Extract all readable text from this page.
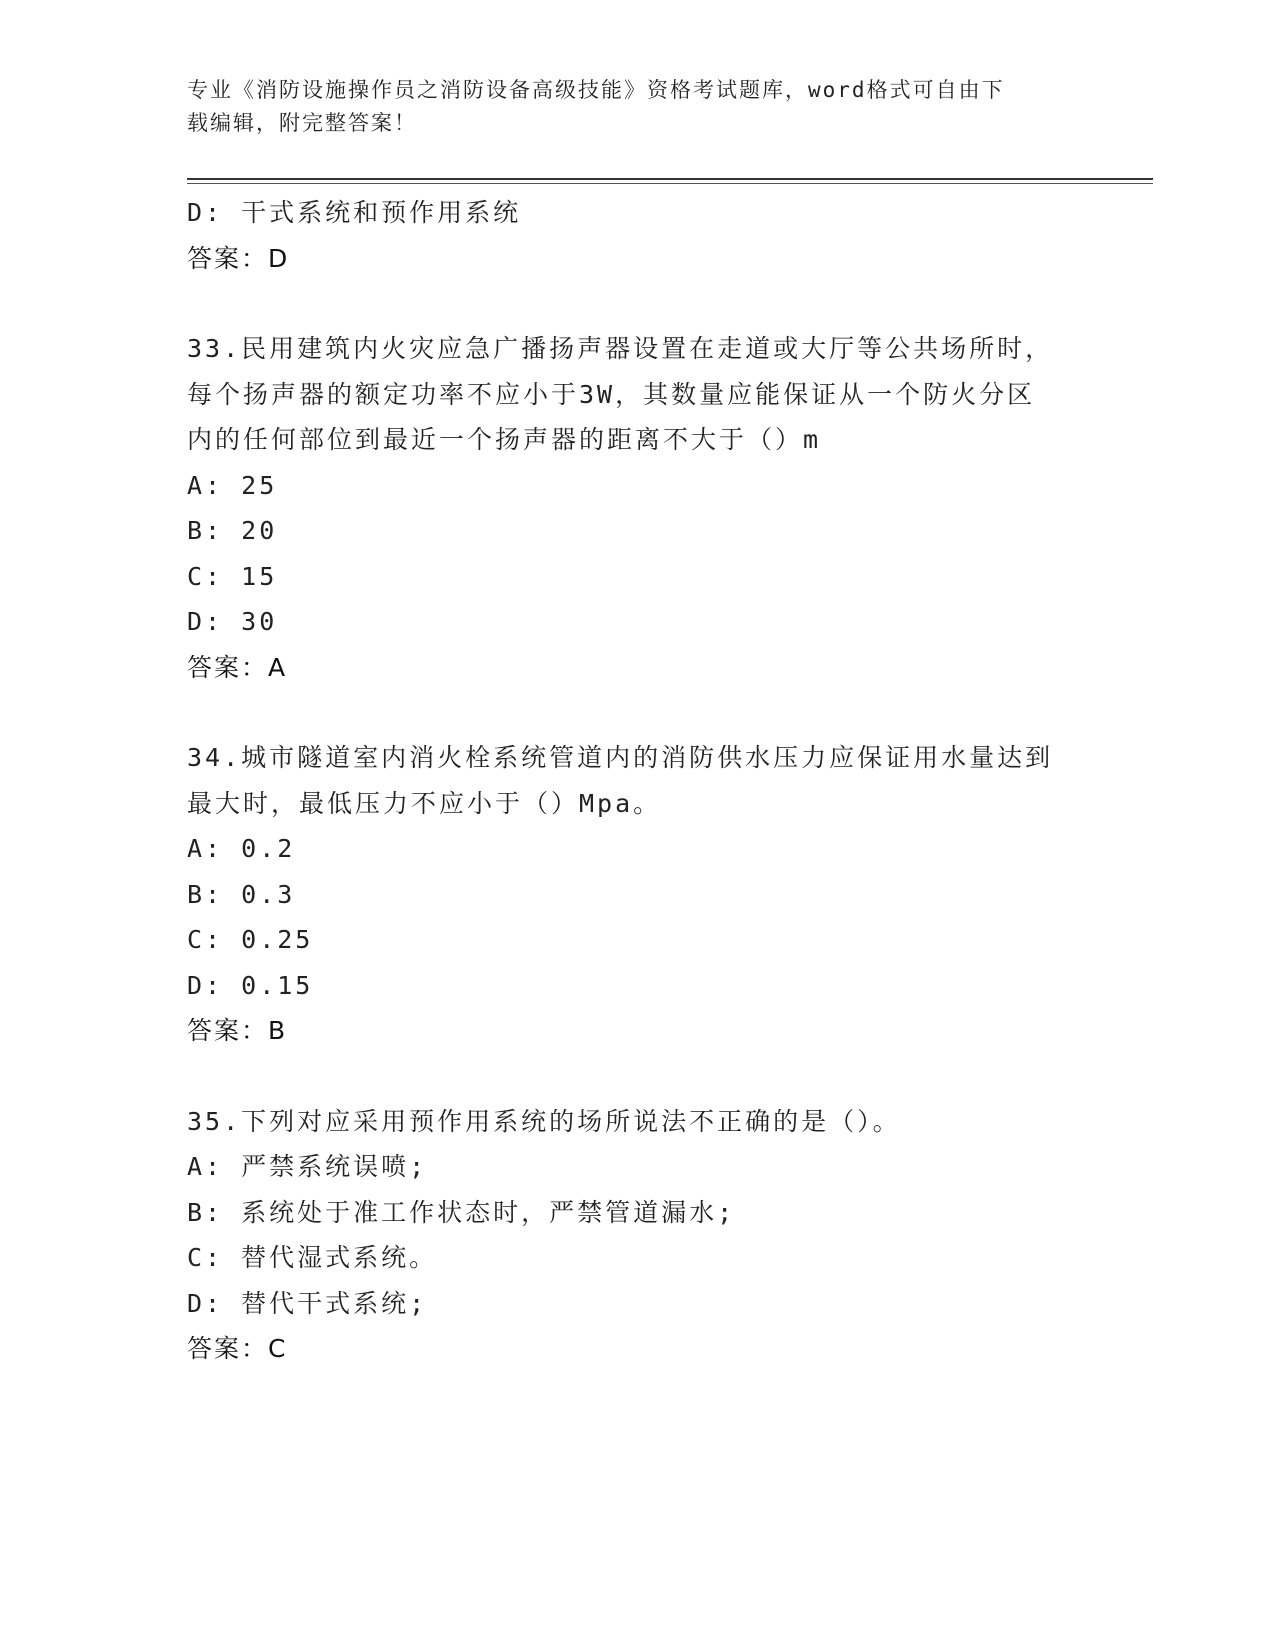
专业《消防设施操作员之消防设备高级技能》资格考试题库，word格式可自由下
载编辑，附完整答案！
D: 干式系统和预作用系统
答案：D
33.民用建筑内火灾应急广播扬声器设置在走道或大厅等公共场所时，
每个扬声器的额定功率不应小于3W，其数量应能保证从一个防火分区
内的任何部位到最近一个扬声器的距离不大于（）m
A: 25
B: 20
C: 15
D: 30
答案：A
34.城市隧道室内消火栓系统管道内的消防供水压力应保证用水量达到
最大时，最低压力不应小于（）Mpa。
A: 0.2
B: 0.3
C: 0.25
D: 0.15
答案：B
35.下列对应采用预作用系统的场所说法不正确的是（）。
A: 严禁系统误喷;
B: 系统处于准工作状态时，严禁管道漏水;
C: 替代湿式系统。
D: 替代干式系统;
答案：C
